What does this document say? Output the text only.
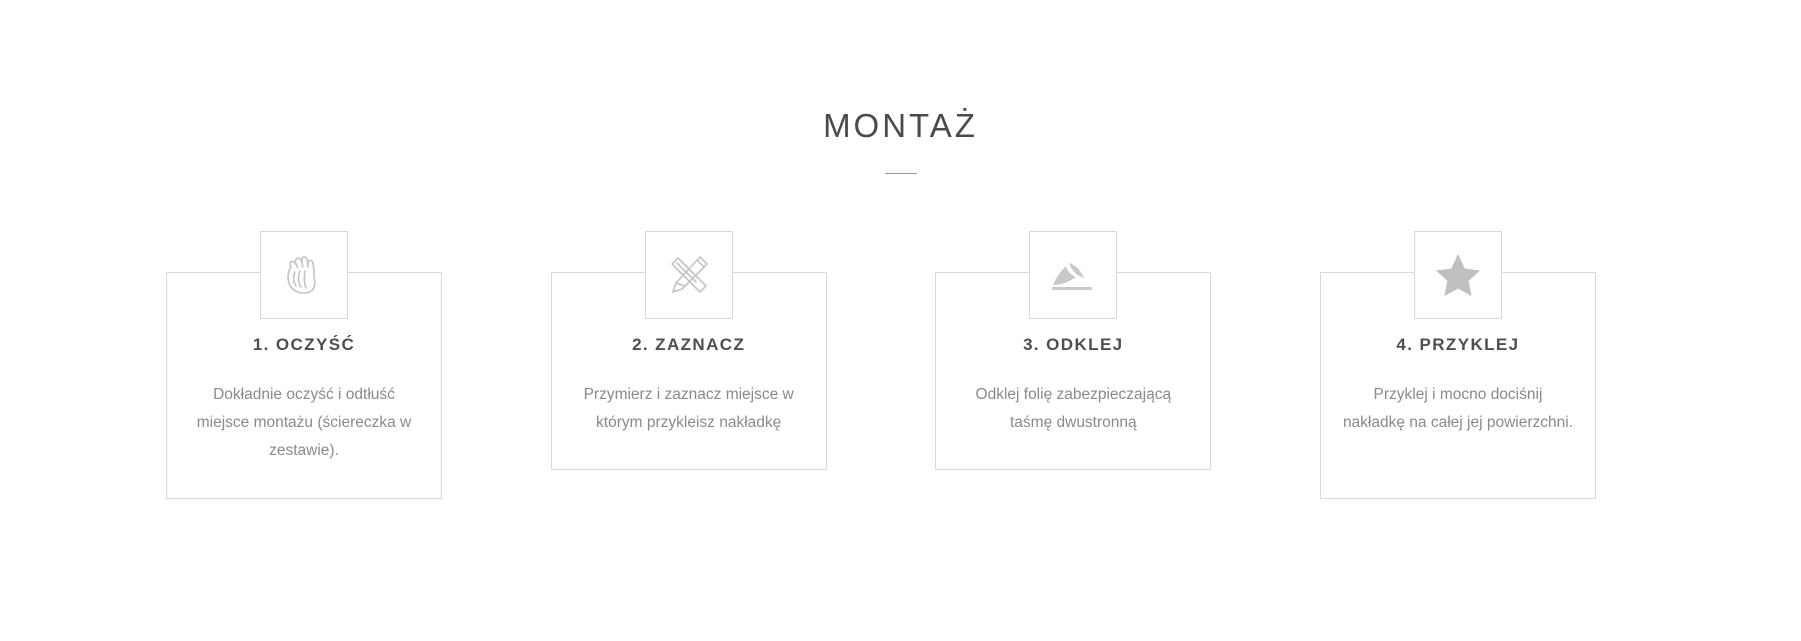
MONTAŻ
1. OCZYŚĆ

Dokładnie oczyść i odtłuść miejsce montażu (ściereczka w zestawie).

2. ZAZNACZ

Przymierz i zaznacz miejsce w którym przykleisz nakładkę

3. ODKLEJ

Odklej folię zabezpieczającą taśmę dwustronną

4. PRZYKLEJ

Przyklej i mocno dociśnij nakładkę na całej jej powierzchni.
